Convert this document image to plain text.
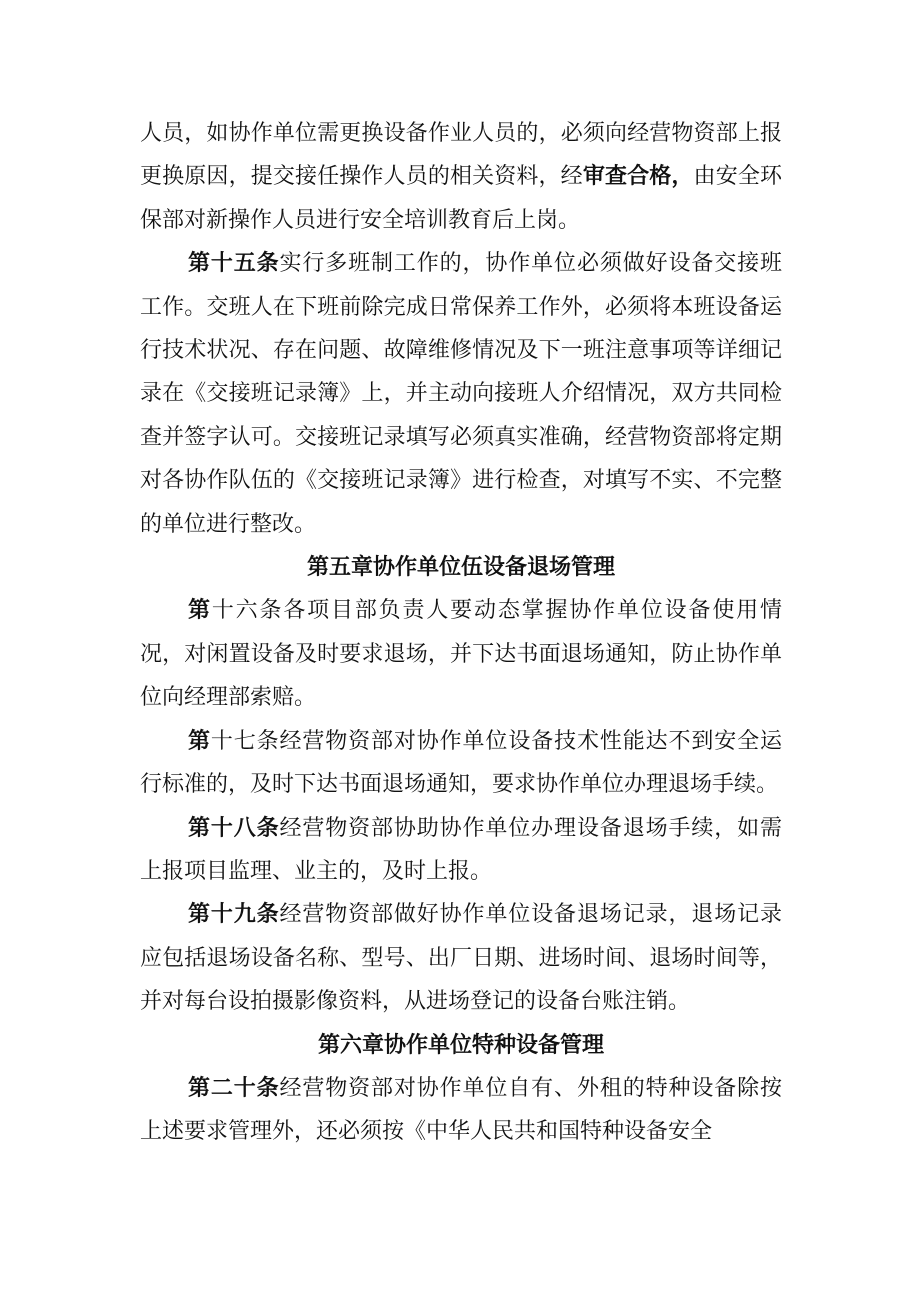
人员，如协作单位需更换设备作业人员的，必须向经营物资部上报更换原因，提交接任操作人员的相关资料，经审查合格，由安全环保部对新操作人员进行安全培训教育后上岗。

第十五条实行多班制工作的，协作单位必须做好设备交接班工作。交班人在下班前除完成日常保养工作外，必须将本班设备运行技术状况、存在问题、故障维修情况及下一班注意事项等详细记录在《交接班记录簿》上，并主动向接班人介绍情况，双方共同检查并签字认可。交接班记录填写必须真实准确，经营物资部将定期对各协作队伍的《交接班记录簿》进行检查，对填写不实、不完整的单位进行整改。

第五章协作单位伍设备退场管理

第十六条各项目部负责人要动态掌握协作单位设备使用情况，对闲置设备及时要求退场，并下达书面退场通知，防止协作单位向经理部索赔。

第十七条经营物资部对协作单位设备技术性能达不到安全运行标准的，及时下达书面退场通知，要求协作单位办理退场手续。

第十八条经营物资部协助协作单位办理设备退场手续，如需上报项目监理、业主的，及时上报。

第十九条经营物资部做好协作单位设备退场记录，退场记录应包括退场设备名称、型号、出厂日期、进场时间、退场时间等，并对每台设拍摄影像资料，从进场登记的设备台账注销。

第六章协作单位特种设备管理

第二十条经营物资部对协作单位自有、外租的特种设备除按上述要求管理外，还必须按《中华人民共和国特种设备安全
